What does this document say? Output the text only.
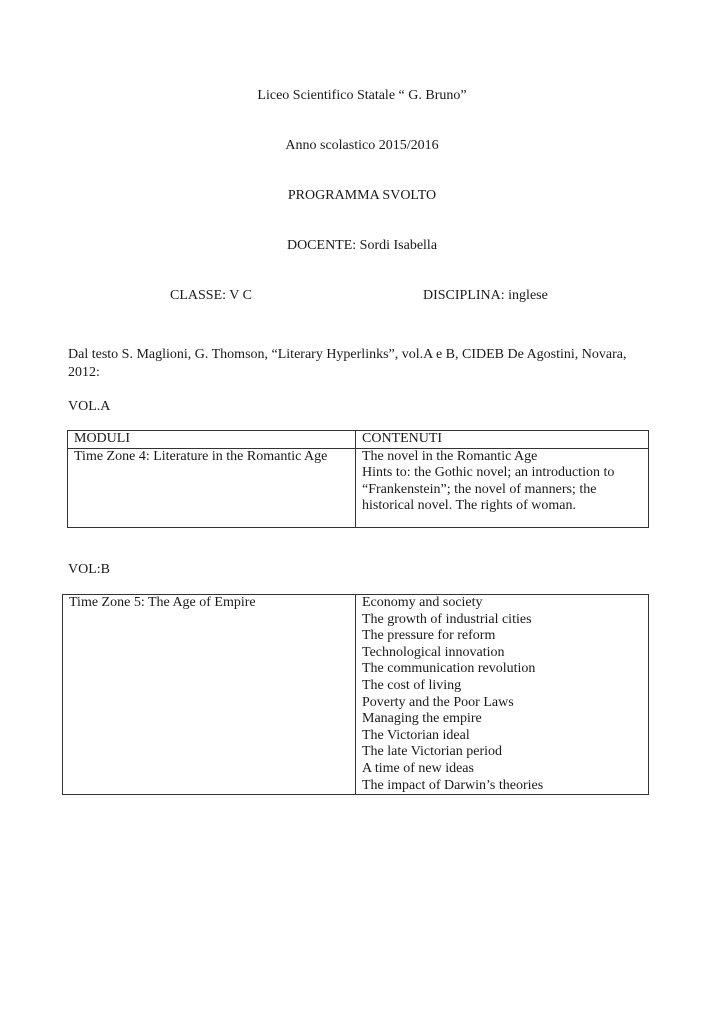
Liceo Scientifico Statale “ G. Bruno”
Anno scolastico 2015/2016
PROGRAMMA SVOLTO
DOCENTE: Sordi Isabella
CLASSE: V C	DISCIPLINA: inglese
Dal testo S. Maglioni, G. Thomson, “Literary Hyperlinks”, vol.A e B, CIDEB De Agostini, Novara,
2012:
VOL.A
MODULI	CONTENUTI
Time Zone 4: Literature in the Romantic Age	The novel in the Romantic Age
Hints to: the Gothic novel; an introduction to
“Frankenstein”; the novel of manners; the
historical novel. The rights of woman.
VOL:B
Time Zone 5: The Age of Empire	Economy and society
The growth of industrial cities
The pressure for reform
Technological innovation
The communication revolution
The cost of living
Poverty and the Poor Laws
Managing the empire
The Victorian ideal
The late Victorian period
A time of new ideas
The impact of Darwin’s theories
